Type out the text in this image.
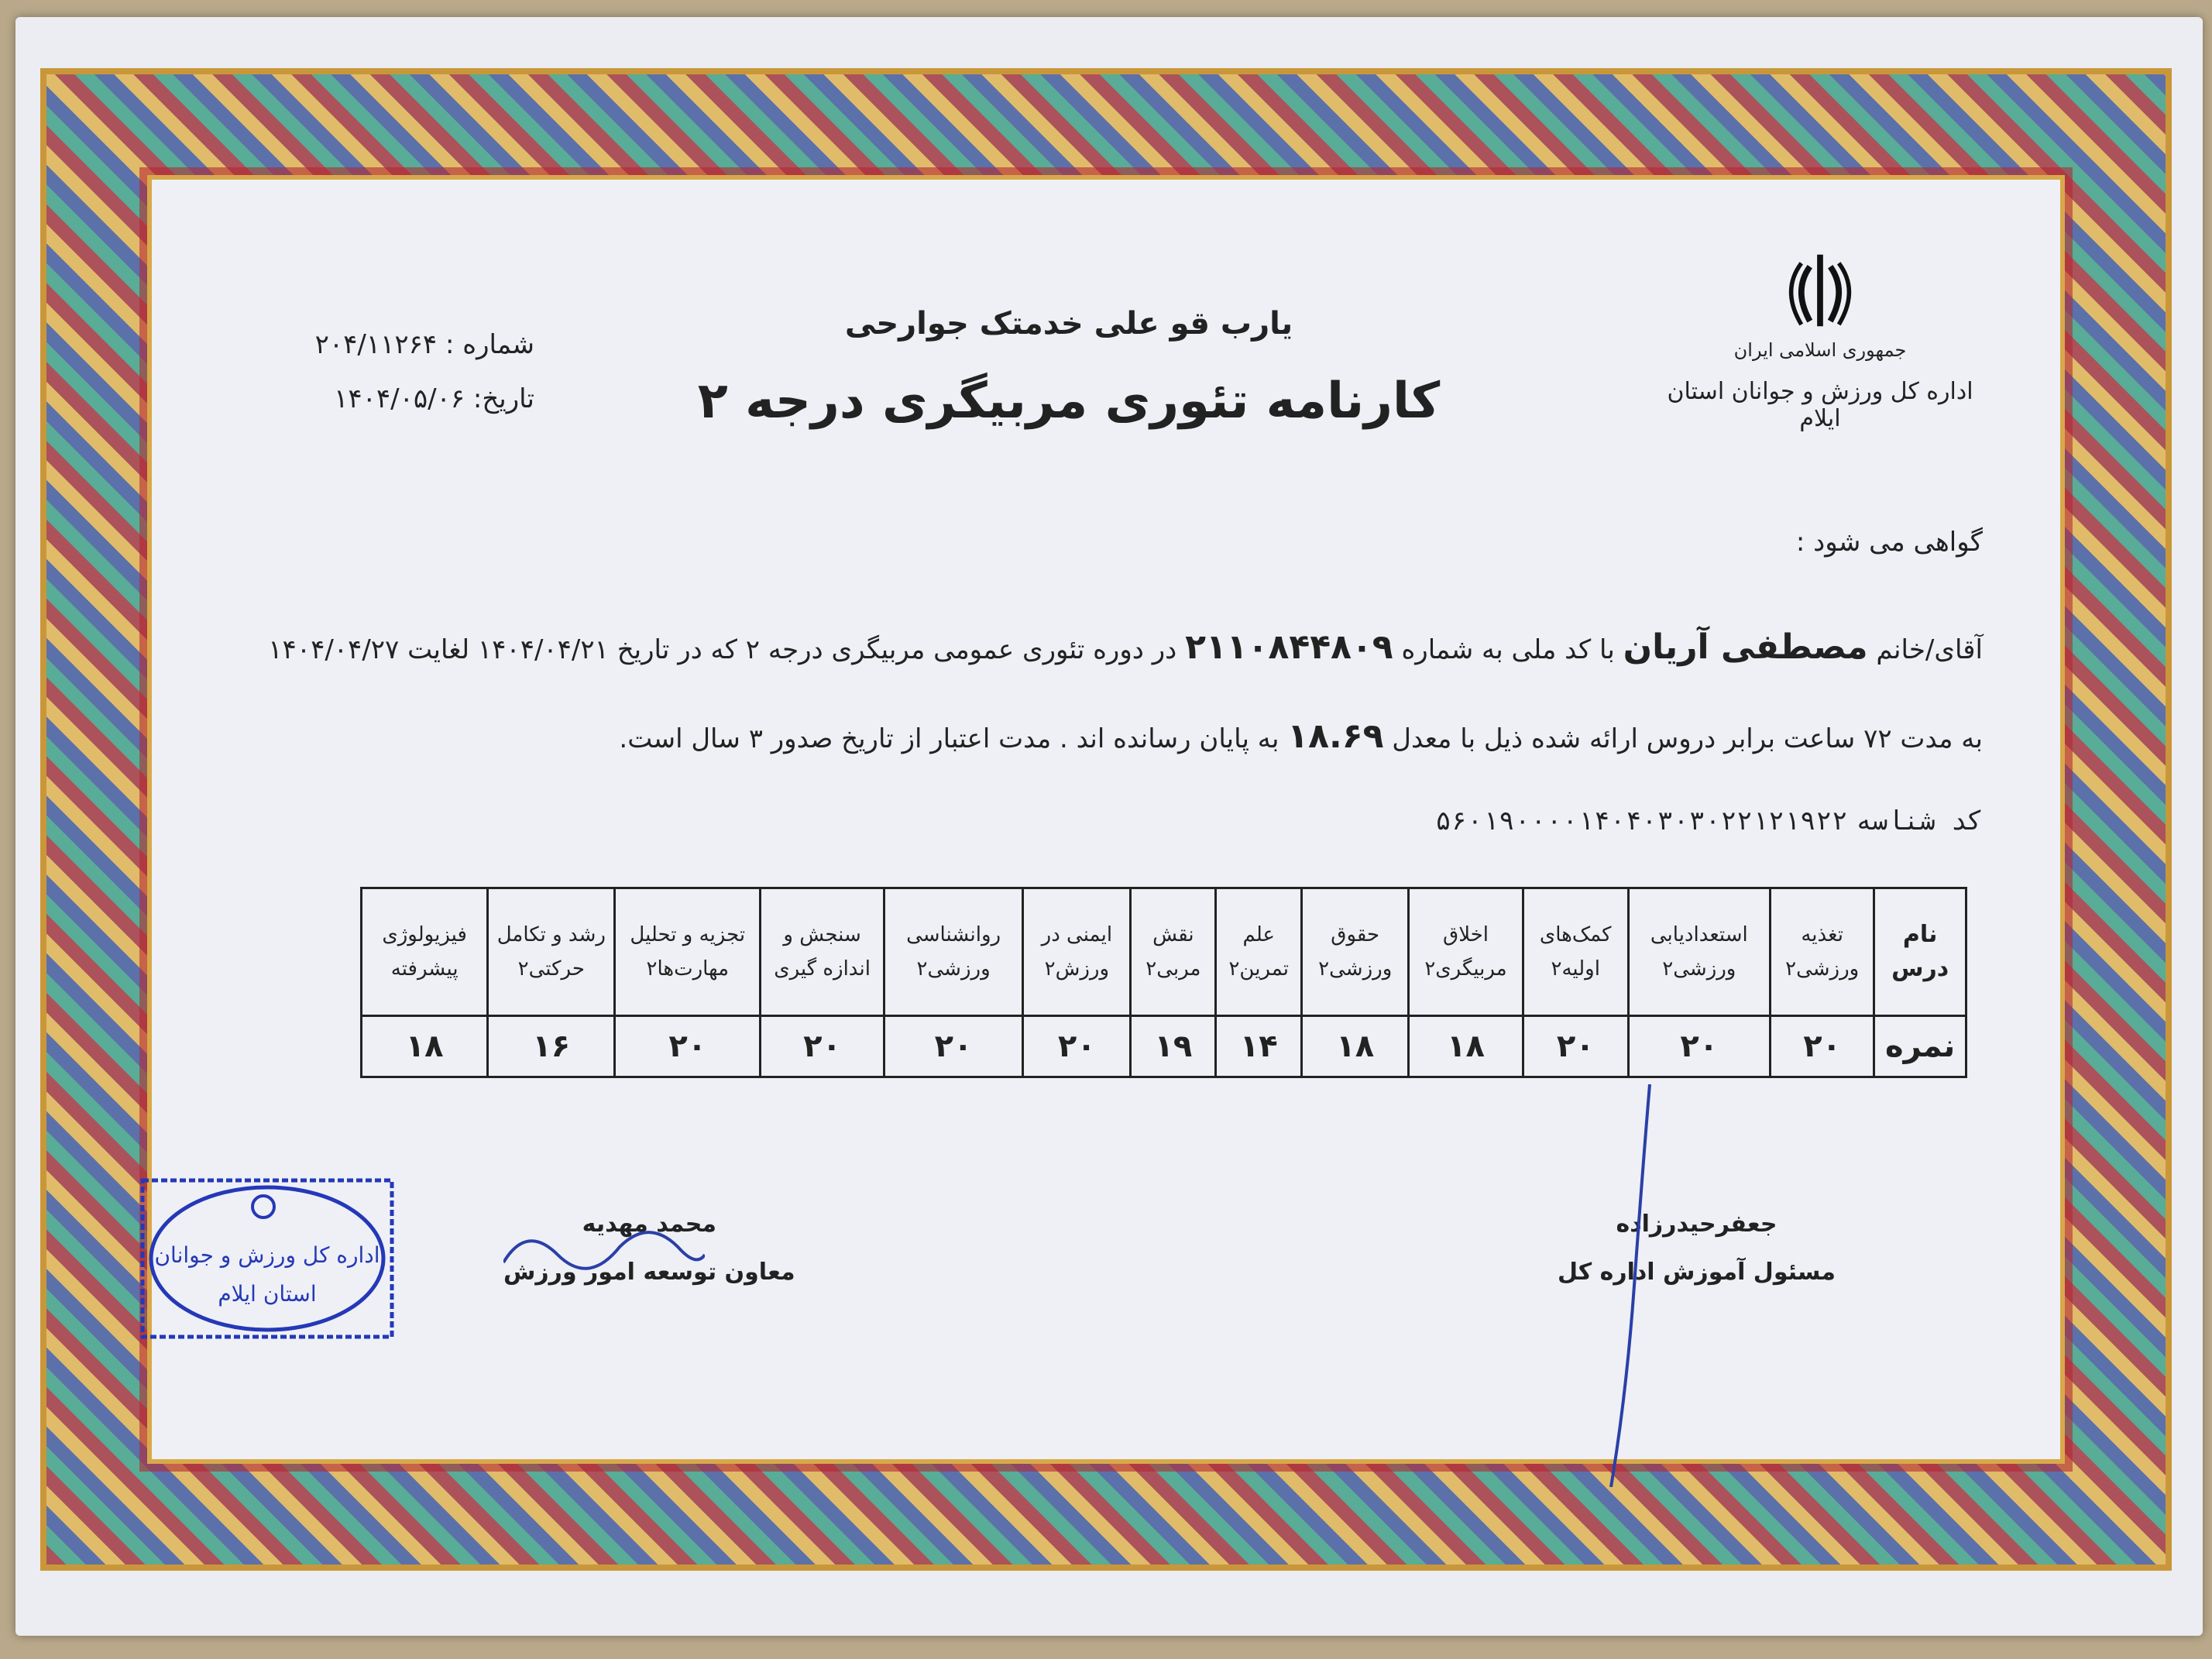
جمهوری اسلامی ایران
اداره کل ورزش و جوانان استان ایلام
یارب قو علی خدمتک جوارحی
کارنامه تئوری مربیگری درجه ۲
شماره : ۲۰۴/۱۱۲۶۴
تاریخ: ۱۴۰۴/۰۵/۰۶
گواهی می شود :
آقای/خانم مصطفی آریان با کد ملی به شماره ۲۱۱۰۸۴۴۸۰۹ در دوره تئوری عمومی مربیگری درجه ۲ که در تاریخ ۱۴۰۴/۰۴/۲۱ لغایت ۱۴۰۴/۰۴/۲۷
به مدت ۷۲ ساعت برابر دروس ارائه شده ذیل با معدل ۱۸.۶۹ به پایان رسانده اند . مدت اعتبار از تاریخ صدور ۳ سال است.
کد شناسه ۵۶۰۱۹۰۰۰۰۱۴۰۴۰۳۰۳۰۲۲۱۲۱۹۲۲
نام درس	تغذیه ورزشی۲	استعدادیابی ورزشی۲	کمک‌های اولیه۲	اخلاق مربیگری۲	حقوق ورزشی۲	علم تمرین۲	نقش مربی۲	ایمنی در ورزش۲	روانشناسی ورزشی۲	سنجش و اندازه گیری	تجزیه و تحلیل مهارت‌ها۲	رشد و تکامل حرکتی۲	فیزیولوژی پیشرفته
نمره	۲۰	۲۰	۲۰	۱۸	۱۸	۱۴	۱۹	۲۰	۲۰	۲۰	۲۰	۱۶	۱۸
جعفرحیدرزاده
مسئول آموزش اداره کل
محمد مهدیه
معاون توسعه امور ورزش
اداره کل ورزش و جوانان
استان ایلام
